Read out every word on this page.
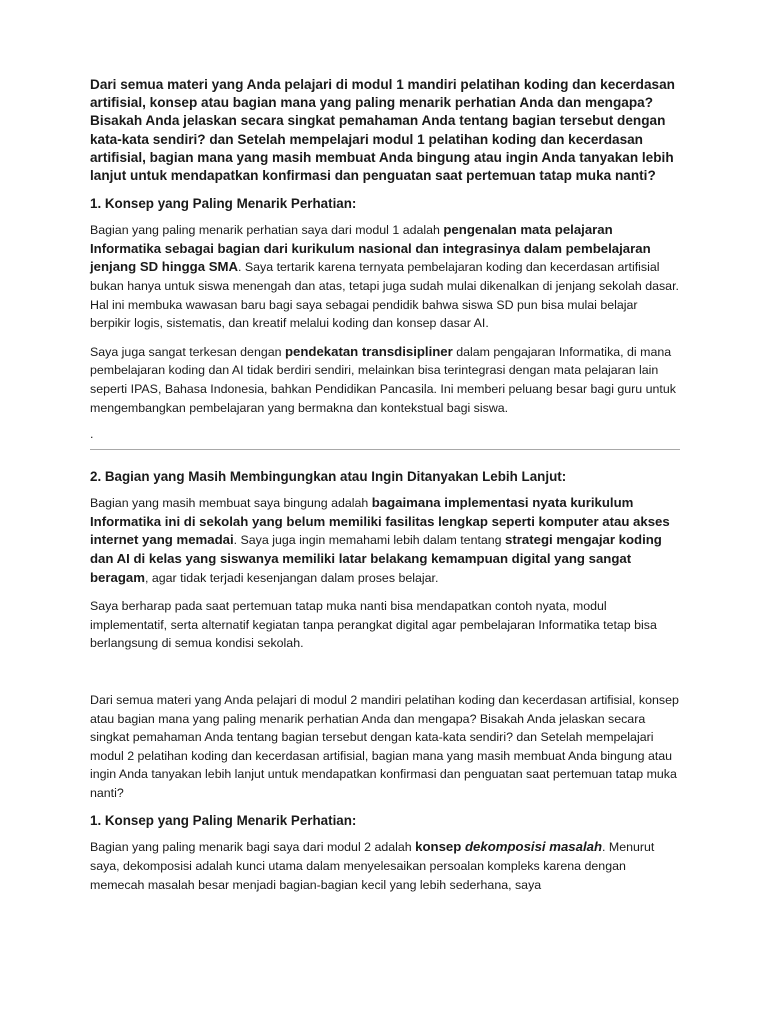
Dari semua materi yang Anda pelajari di modul 1 mandiri pelatihan koding dan kecerdasan artifisial, konsep atau bagian mana yang paling menarik perhatian Anda dan mengapa? Bisakah Anda jelaskan secara singkat pemahaman Anda tentang bagian tersebut dengan kata-kata sendiri? dan Setelah mempelajari modul 1 pelatihan koding dan kecerdasan artifisial, bagian mana yang masih membuat Anda bingung atau ingin Anda tanyakan lebih lanjut untuk mendapatkan konfirmasi dan penguatan saat pertemuan tatap muka nanti?

1. Konsep yang Paling Menarik Perhatian:

Bagian yang paling menarik perhatian saya dari modul 1 adalah pengenalan mata pelajaran Informatika sebagai bagian dari kurikulum nasional dan integrasinya dalam pembelajaran jenjang SD hingga SMA. Saya tertarik karena ternyata pembelajaran koding dan kecerdasan artifisial bukan hanya untuk siswa menengah dan atas, tetapi juga sudah mulai dikenalkan di jenjang sekolah dasar. Hal ini membuka wawasan baru bagi saya sebagai pendidik bahwa siswa SD pun bisa mulai belajar berpikir logis, sistematis, dan kreatif melalui koding dan konsep dasar AI.

Saya juga sangat terkesan dengan pendekatan transdisipliner dalam pengajaran Informatika, di mana pembelajaran koding dan AI tidak berdiri sendiri, melainkan bisa terintegrasi dengan mata pelajaran lain seperti IPAS, Bahasa Indonesia, bahkan Pendidikan Pancasila. Ini memberi peluang besar bagi guru untuk mengembangkan pembelajaran yang bermakna dan kontekstual bagi siswa.

.

2. Bagian yang Masih Membingungkan atau Ingin Ditanyakan Lebih Lanjut:

Bagian yang masih membuat saya bingung adalah bagaimana implementasi nyata kurikulum Informatika ini di sekolah yang belum memiliki fasilitas lengkap seperti komputer atau akses internet yang memadai. Saya juga ingin memahami lebih dalam tentang strategi mengajar koding dan AI di kelas yang siswanya memiliki latar belakang kemampuan digital yang sangat beragam, agar tidak terjadi kesenjangan dalam proses belajar.

Saya berharap pada saat pertemuan tatap muka nanti bisa mendapatkan contoh nyata, modul implementatif, serta alternatif kegiatan tanpa perangkat digital agar pembelajaran Informatika tetap bisa berlangsung di semua kondisi sekolah.

Dari semua materi yang Anda pelajari di modul 2 mandiri pelatihan koding dan kecerdasan artifisial, konsep atau bagian mana yang paling menarik perhatian Anda dan mengapa? Bisakah Anda jelaskan secara singkat pemahaman Anda tentang bagian tersebut dengan kata-kata sendiri? dan Setelah mempelajari modul 2 pelatihan koding dan kecerdasan artifisial, bagian mana yang masih membuat Anda bingung atau ingin Anda tanyakan lebih lanjut untuk mendapatkan konfirmasi dan penguatan saat pertemuan tatap muka nanti?

1. Konsep yang Paling Menarik Perhatian:

Bagian yang paling menarik bagi saya dari modul 2 adalah konsep dekomposisi masalah. Menurut saya, dekomposisi adalah kunci utama dalam menyelesaikan persoalan kompleks karena dengan memecah masalah besar menjadi bagian-bagian kecil yang lebih sederhana, saya
